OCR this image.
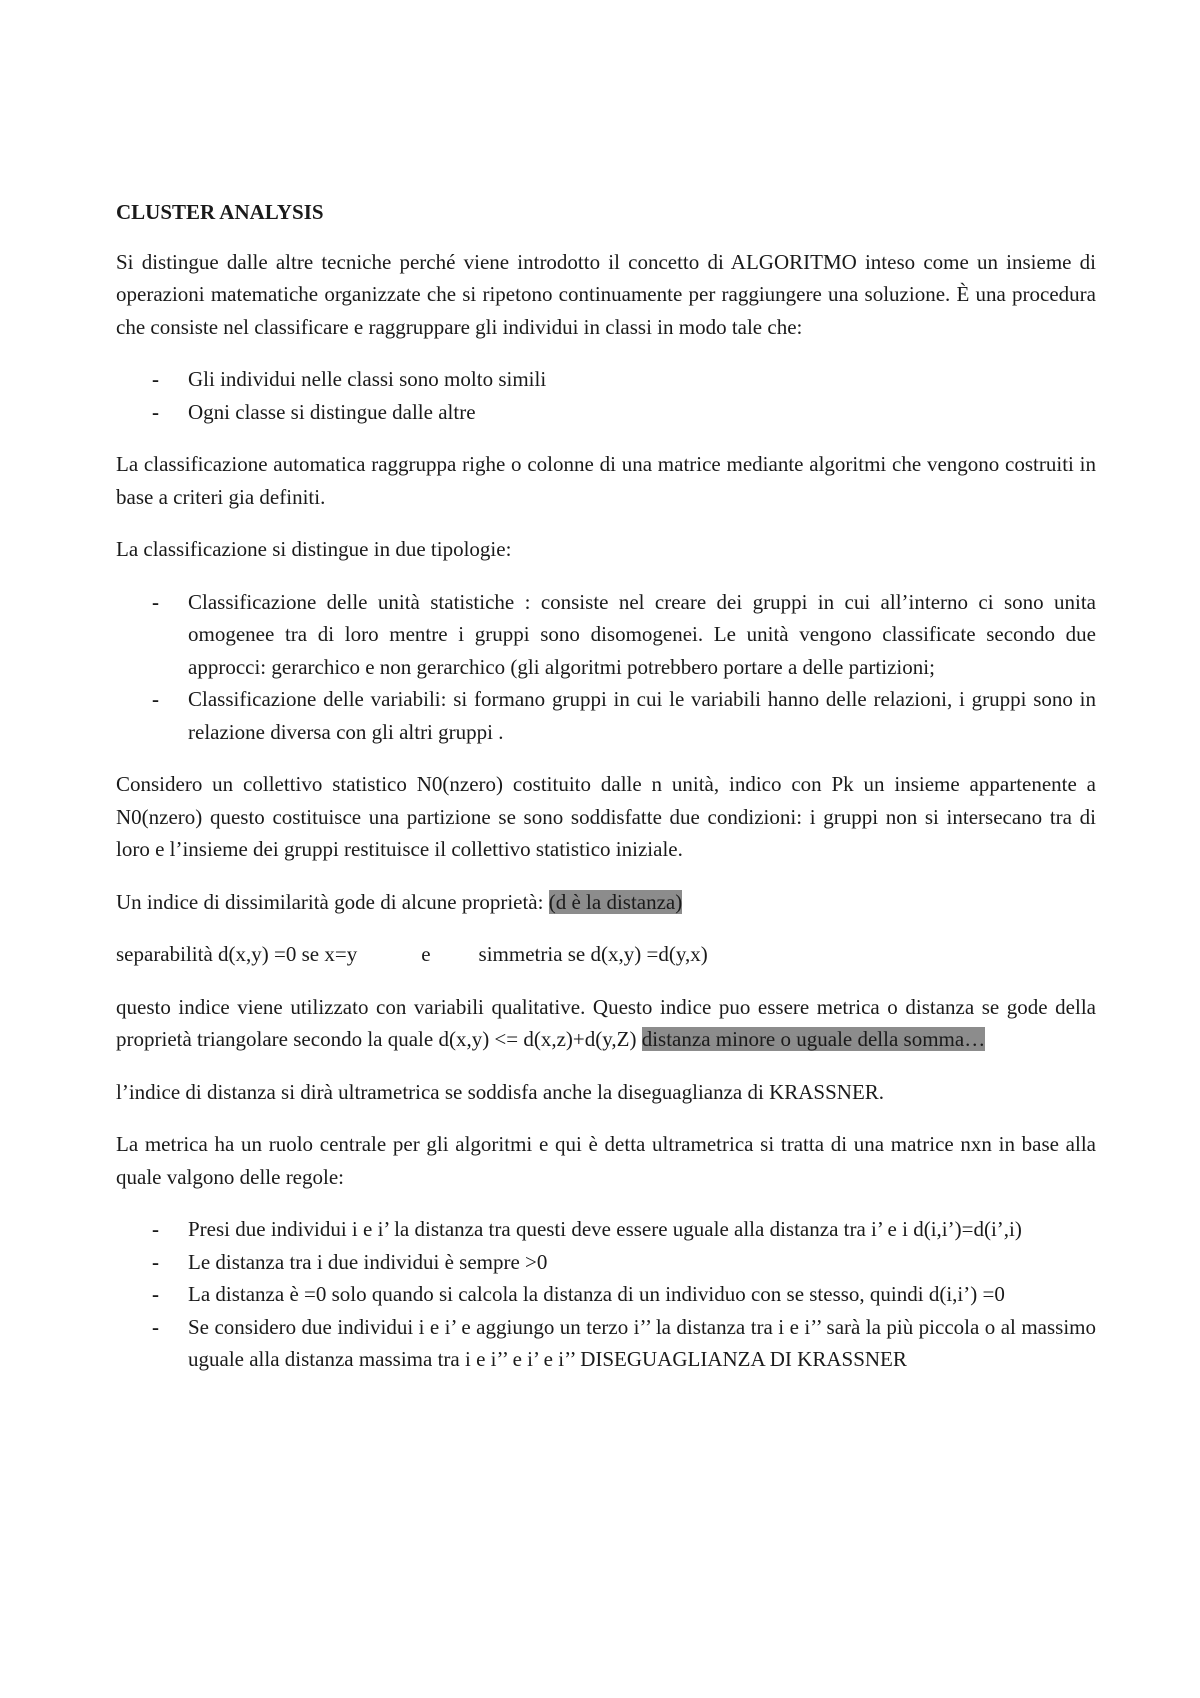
CLUSTER ANALYSIS

Si distingue dalle altre tecniche perché viene introdotto il concetto di ALGORITMO inteso come un insieme di operazioni matematiche organizzate che si ripetono continuamente per raggiungere una soluzione. È una procedura che consiste nel classificare e raggruppare gli individui in classi in modo tale che:

- Gli individui nelle classi sono molto simili
- Ogni classe si distingue dalle altre

La classificazione automatica raggruppa righe o colonne di una matrice mediante algoritmi che vengono costruiti in base a criteri gia definiti.

La classificazione si distingue in due tipologie:

- Classificazione delle unità statistiche : consiste nel creare dei gruppi in cui all’interno ci sono unita omogenee tra di loro mentre i gruppi sono disomogenei. Le unità vengono classificate secondo due approcci: gerarchico e non gerarchico (gli algoritmi potrebbero portare a delle partizioni;
- Classificazione delle variabili: si formano gruppi in cui le variabili hanno delle relazioni, i gruppi sono in relazione diversa con gli altri gruppi .

Considero un collettivo statistico N0(nzero) costituito dalle n unità, indico con Pk un insieme appartenente a N0(nzero) questo costituisce una partizione se sono soddisfatte due condizioni: i gruppi non si intersecano tra di loro e l’insieme dei gruppi restituisce il collettivo statistico iniziale.

Un indice di dissimilarità gode di alcune proprietà: (d è la distanza)

separabilità d(x,y) =0 se x=y	e simmetria se d(x,y) =d(y,x)

questo indice viene utilizzato con variabili qualitative. Questo indice puo essere metrica o distanza se gode della proprietà triangolare secondo la quale d(x,y) <= d(x,z)+d(y,Z) distanza minore o uguale della somma…

l’indice di distanza si dirà ultrametrica se soddisfa anche la diseguaglianza di KRASSNER.

La metrica ha un ruolo centrale per gli algoritmi e qui è detta ultrametrica si tratta di una matrice nxn in base alla quale valgono delle regole:

- Presi due individui i e i’ la distanza tra questi deve essere uguale alla distanza tra i’ e i d(i,i’)=d(i’,i)
- Le distanza tra i due individui è sempre >0
- La distanza è =0 solo quando si calcola la distanza di un individuo con se stesso, quindi d(i,i’) =0
- Se considero due individui i e i’ e aggiungo un terzo i’’ la distanza tra i e i’’ sarà la più piccola o al massimo uguale alla distanza massima tra i e i’’ e i’ e i’’ DISEGUAGLIANZA DI KRASSNER
